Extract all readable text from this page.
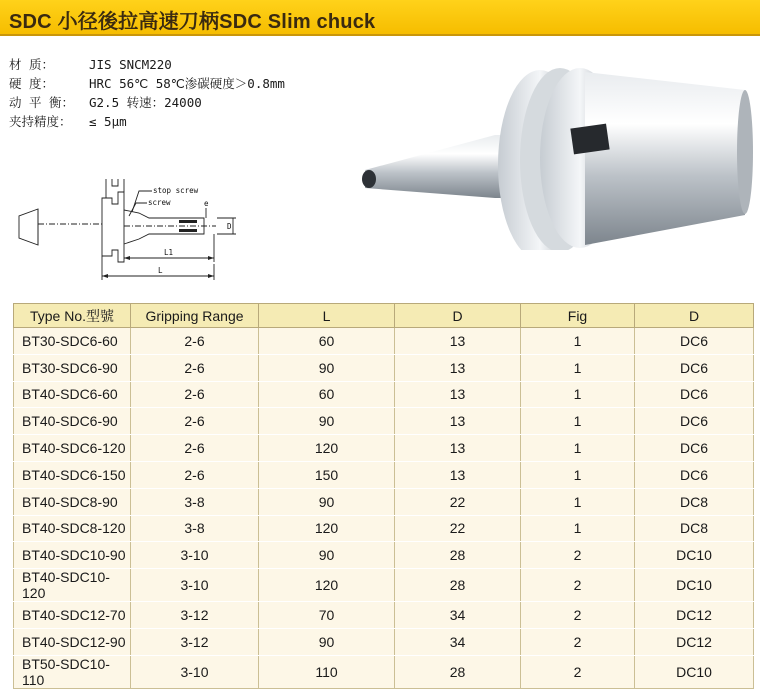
SDC 小径後拉高速刀柄SDC Slim chuck
材 质：	JIS SNCM220
硬 度：	HRC 56℃ 58℃渗碳硬度＞0.8mm
动 平 衡： G2.5 转速：24000
夹持精度： ≤ 5μm
stop screw
screw	e
D
L1
L
Type No.型號	Gripping Range	L	D	Fig	D
BT30-SDC6-60	2-6	60	13	1	DC6
BT30-SDC6-90	2-6	90	13	1	DC6
BT40-SDC6-60	2-6	60	13	1	DC6
BT40-SDC6-90	2-6	90	13	1	DC6
BT40-SDC6-120	2-6	120	13	1	DC6
BT40-SDC6-150	2-6	150	13	1	DC6
BT40-SDC8-90	3-8	90	22	1	DC8
BT40-SDC8-120	3-8	120	22	1	DC8
BT40-SDC10-90	3-10	90	28	2	DC10
BT40-SDC10-120	3-10	120	28	2	DC10
BT40-SDC12-70	3-12	70	34	2	DC12
BT40-SDC12-90	3-12	90	34	2	DC12
BT50-SDC10-110	3-10	110	28	2	DC10
